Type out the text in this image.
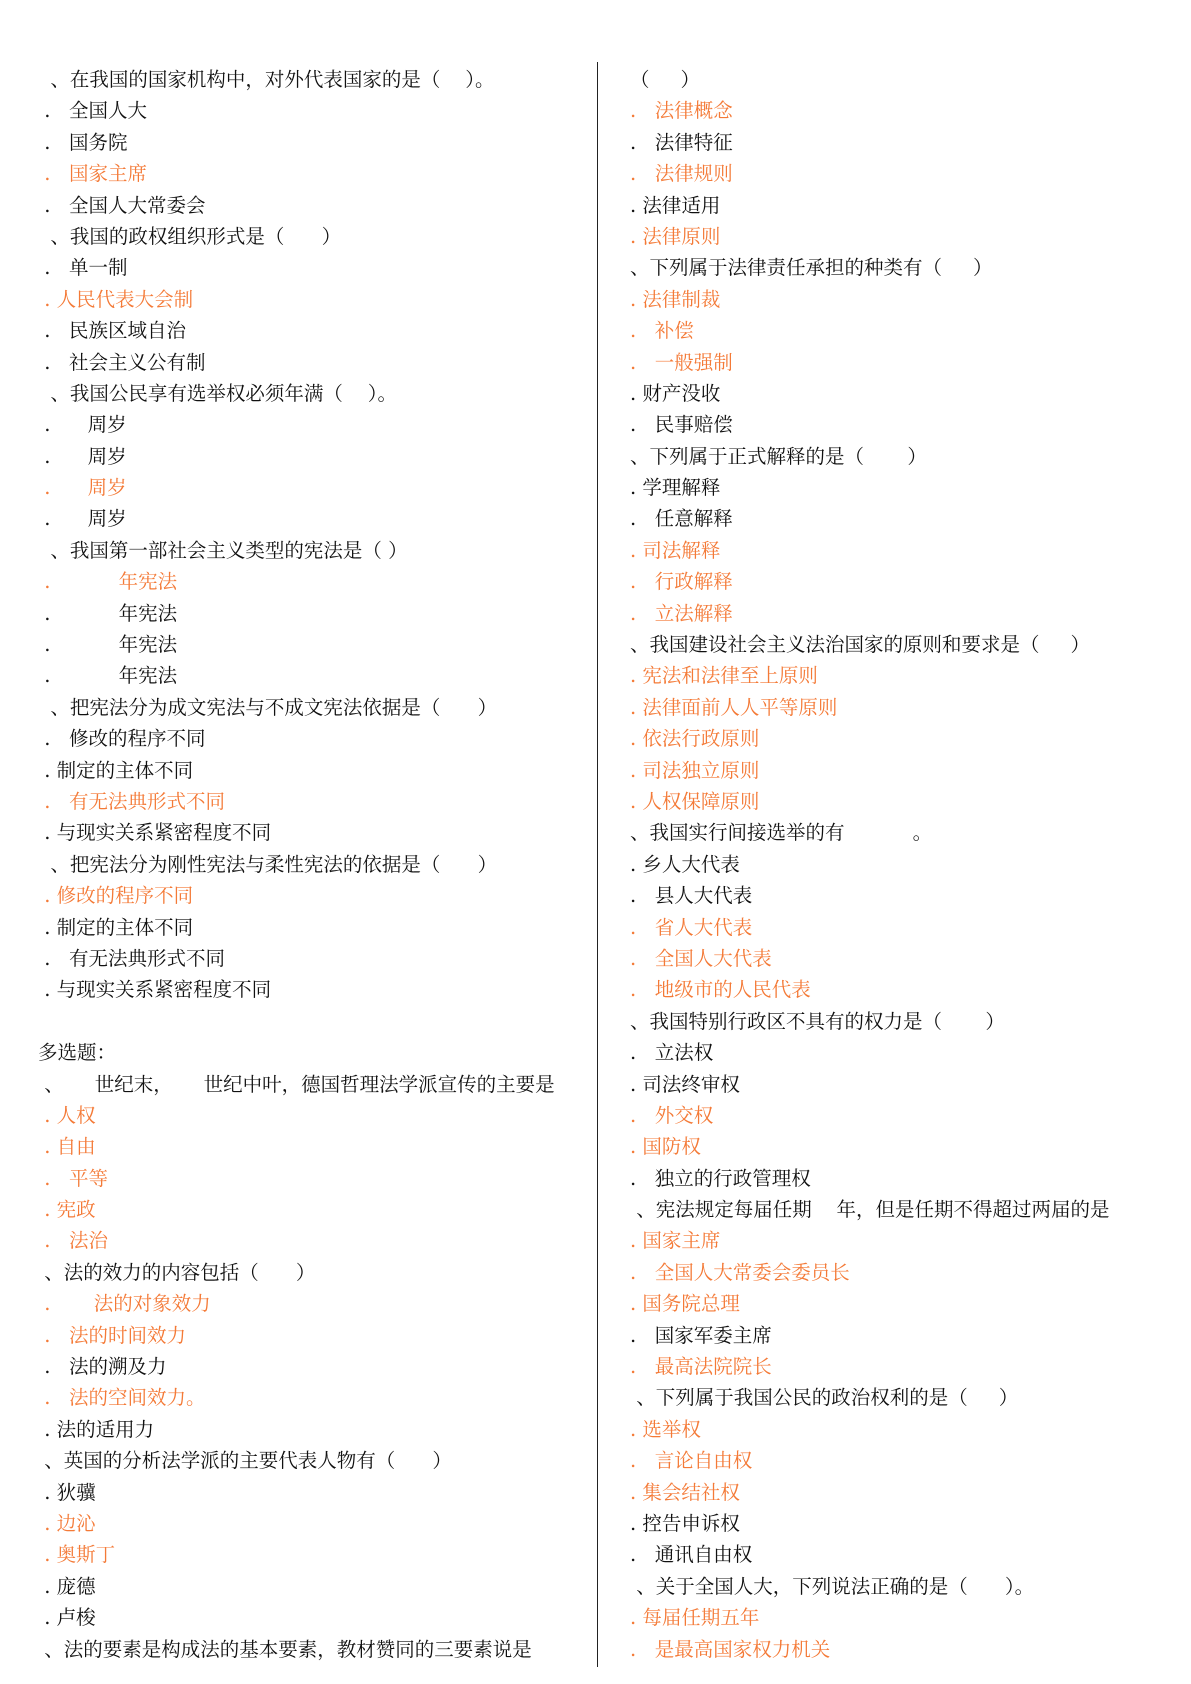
、在我国的国家机构中，对外代表国家的是（    ）。
.   全国人大
.   国务院
.   国家主席
.   全国人大常委会
、我国的政权组织形式是（      ）
.   单一制
. 人民代表大会制
.   民族区域自治
.   社会主义公有制
、我国公民享有选举权必须年满（    ）。
.      周岁
.      周岁
.      周岁
.      周岁
、我国第一部社会主义类型的宪法是（ ）
.           年宪法
.           年宪法
.           年宪法
.           年宪法
、把宪法分为成文宪法与不成文宪法依据是（      ）
.   修改的程序不同
. 制定的主体不同
.   有无法典形式不同
. 与现实关系紧密程度不同
、把宪法分为刚性宪法与柔性宪法的依据是（      ）
. 修改的程序不同
. 制定的主体不同
.   有无法典形式不同
. 与现实关系紧密程度不同
多选题：
、     世纪末，     世纪中叶，德国哲理法学派宣传的主要是
. 人权
. 自由
.   平等
. 宪政
.   法治
、法的效力的内容包括（      ）
.       法的对象效力
.   法的时间效力
.   法的溯及力
.   法的空间效力。
. 法的适用力
、英国的分析法学派的主要代表人物有（      ）
. 狄骥
. 边沁
. 奥斯丁
. 庞德
. 卢梭
、法的要素是构成法的基本要素，教材赞同的三要素说是
（     ）
.   法律概念
.   法律特征
.   法律规则
. 法律适用
. 法律原则
、下列属于法律责任承担的种类有（     ）
. 法律制裁
.   补偿
.   一般强制
. 财产没收
.   民事赔偿
、下列属于正式解释的是（       ）
. 学理解释
.   任意解释
. 司法解释
.   行政解释
.   立法解释
、我国建设社会主义法治国家的原则和要求是（     ）
. 宪法和法律至上原则
. 法律面前人人平等原则
. 依法行政原则
. 司法独立原则
. 人权保障原则
、我国实行间接选举的有           。
. 乡人大代表
.   县人大代表
.   省人大代表
.   全国人大代表
.   地级市的人民代表
、我国特别行政区不具有的权力是（       ）
.   立法权
. 司法终审权
.   外交权
. 国防权
.   独立的行政管理权
、宪法规定每届任期    年，但是任期不得超过两届的是
. 国家主席
.   全国人大常委会委员长
. 国务院总理
.   国家军委主席
.   最高法院院长
、下列属于我国公民的政治权利的是（     ）
. 选举权
.   言论自由权
. 集会结社权
. 控告申诉权
.   通讯自由权
、关于全国人大，下列说法正确的是（      ）。
. 每届任期五年
.   是最高国家权力机关
